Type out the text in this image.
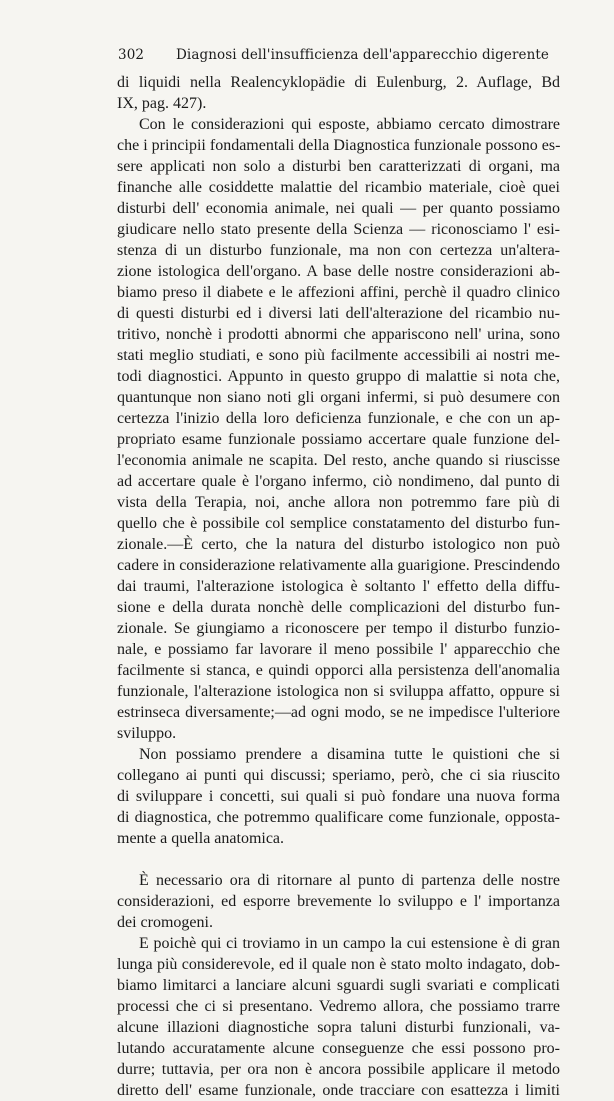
302 Diagnosi dell'insufficienza dell'apparecchio digerente
di liquidi nella Realencyklopädie di Eulenburg, 2. Auflage, Bd
IX, pag. 427).
Con le considerazioni qui esposte, abbiamo cercato dimostrare
che i principii fondamentali della Diagnostica funzionale possono es-
sere applicati non solo a disturbi ben caratterizzati di organi, ma
finanche alle cosiddette malattie del ricambio materiale, cioè quei
disturbi dell' economia animale, nei quali — per quanto possiamo
giudicare nello stato presente della Scienza — riconosciamo l' esi-
stenza di un disturbo funzionale, ma non con certezza un'altera-
zione istologica dell'organo. A base delle nostre considerazioni ab-
biamo preso il diabete e le affezioni affini, perchè il quadro clinico
di questi disturbi ed i diversi lati dell'alterazione del ricambio nu-
tritivo, nonchè i prodotti abnormi che appariscono nell' urina, sono
stati meglio studiati, e sono più facilmente accessibili ai nostri me-
todi diagnostici. Appunto in questo gruppo di malattie si nota che,
quantunque non siano noti gli organi infermi, si può desumere con
certezza l'inizio della loro deficienza funzionale, e che con un ap-
propriato esame funzionale possiamo accertare quale funzione del-
l'economia animale ne scapita. Del resto, anche quando si riuscisse
ad accertare quale è l'organo infermo, ciò nondimeno, dal punto di
vista della Terapia, noi, anche allora non potremmo fare più di
quello che è possibile col semplice constatamento del disturbo fun-
zionale.—È certo, che la natura del disturbo istologico non può
cadere in considerazione relativamente alla guarigione. Prescindendo
dai traumi, l'alterazione istologica è soltanto l' effetto della diffu-
sione e della durata nonchè delle complicazioni del disturbo fun-
zionale. Se giungiamo a riconoscere per tempo il disturbo funzio-
nale, e possiamo far lavorare il meno possibile l' apparecchio che
facilmente si stanca, e quindi opporci alla persistenza dell'anomalia
funzionale, l'alterazione istologica non si sviluppa affatto, oppure si
estrinseca diversamente;—ad ogni modo, se ne impedisce l'ulteriore
sviluppo.
Non possiamo prendere a disamina tutte le quistioni che si
collegano ai punti qui discussi; speriamo, però, che ci sia riuscito
di sviluppare i concetti, sui quali si può fondare una nuova forma
di diagnostica, che potremmo qualificare come funzionale, opposta-
mente a quella anatomica.
È necessario ora di ritornare al punto di partenza delle nostre
considerazioni, ed esporre brevemente lo sviluppo e l' importanza
dei cromogeni.
E poichè qui ci troviamo in un campo la cui estensione è di gran
lunga più considerevole, ed il quale non è stato molto indagato, dob-
biamo limitarci a lanciare alcuni sguardi sugli svariati e complicati
processi che ci si presentano. Vedremo allora, che possiamo trarre
alcune illazioni diagnostiche sopra taluni disturbi funzionali, va-
lutando accuratamente alcune conseguenze che essi possono pro-
durre; tuttavia, per ora non è ancora possibile applicare il metodo
diretto dell' esame funzionale, onde tracciare con esattezza i limiti
